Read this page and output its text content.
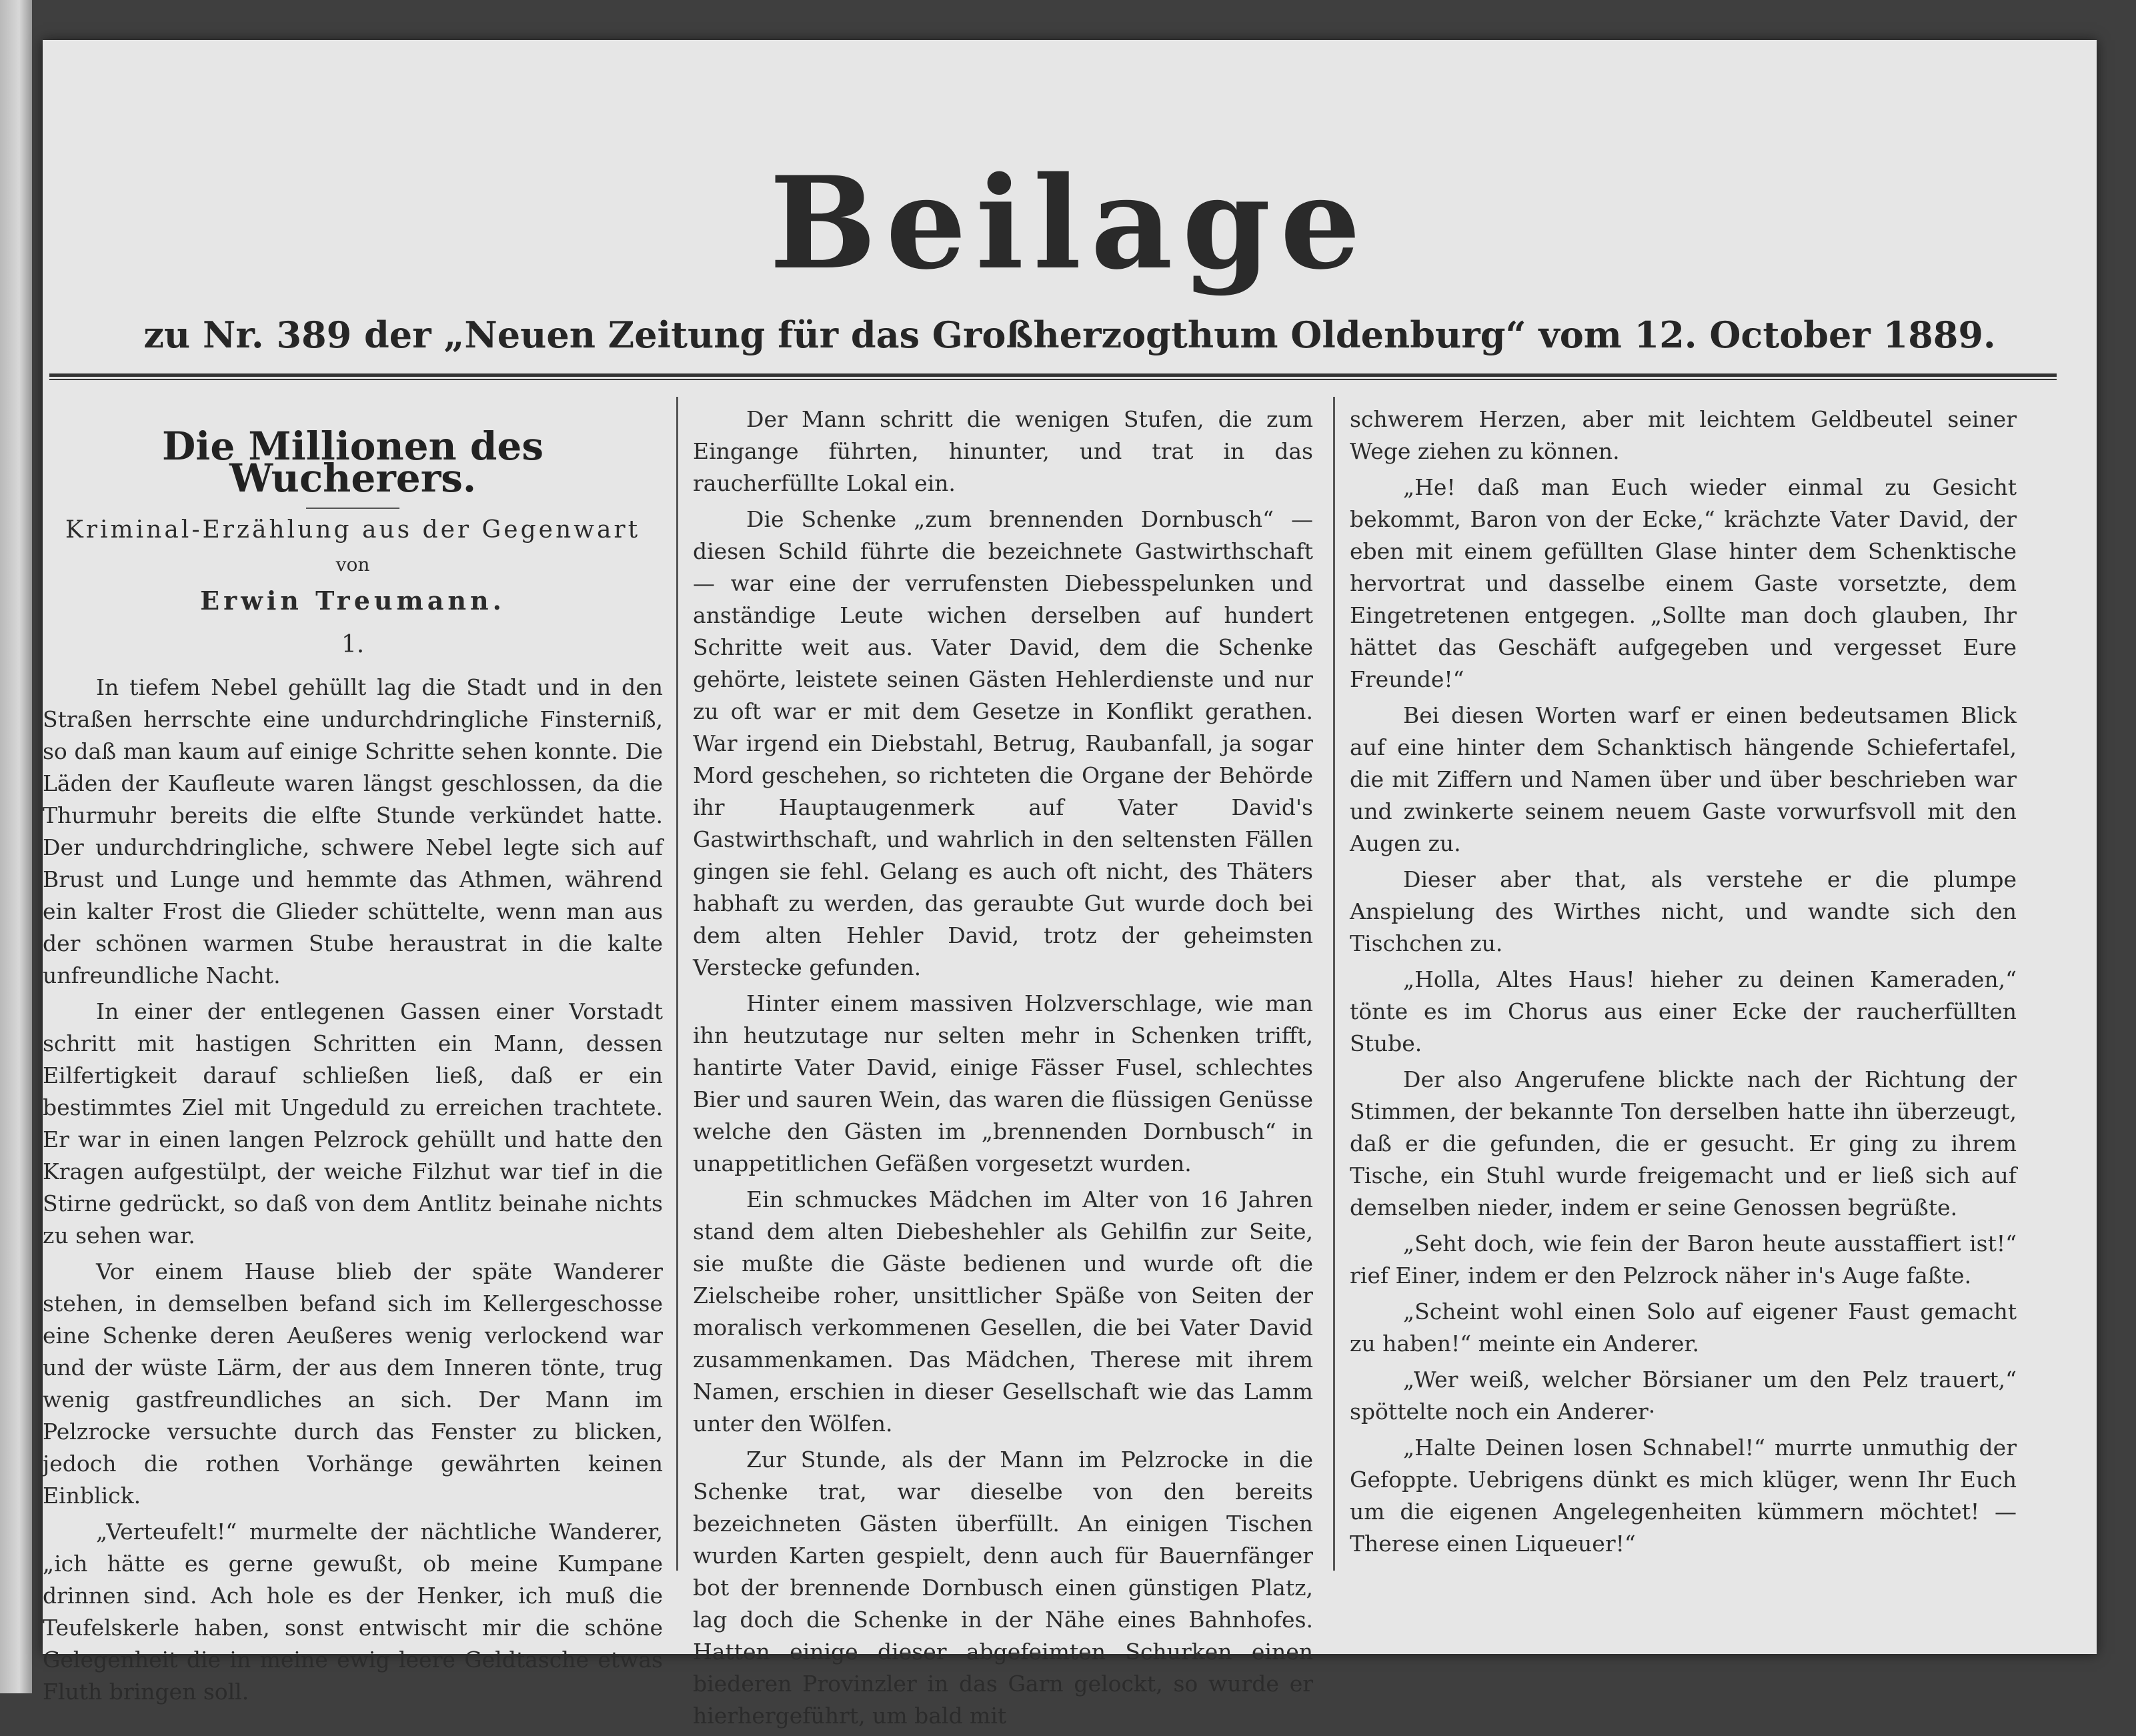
Beilage
zu Nr. 389 der „Neuen Zeitung für das Großherzogthum Oldenburg“ vom 12. October 1889.
Die Millionen des Wucherers.
Kriminal-Erzählung aus der Gegenwart
von
Erwin Treumann.
1.

In tiefem Nebel gehüllt lag die Stadt und in den Straßen herrschte eine undurchdringliche Finsterniß, so daß man kaum auf einige Schritte sehen konnte. Die Läden der Kaufleute waren längst geschlossen, da die Thurmuhr bereits die elfte Stunde verkündet hatte. Der undurchdringliche, schwere Nebel legte sich auf Brust und Lunge und hemmte das Athmen, während ein kalter Frost die Glieder schüttelte, wenn man aus der schönen warmen Stube heraustrat in die kalte unfreundliche Nacht.

In einer der entlegenen Gassen einer Vorstadt schritt mit hastigen Schritten ein Mann, dessen Eilfertigkeit darauf schließen ließ, daß er ein bestimmtes Ziel mit Ungeduld zu erreichen trachtete. Er war in einen langen Pelzrock gehüllt und hatte den Kragen aufgestülpt, der weiche Filzhut war tief in die Stirne gedrückt, so daß von dem Antlitz beinahe nichts zu sehen war.

Vor einem Hause blieb der späte Wanderer stehen, in demselben befand sich im Kellergeschosse eine Schenke deren Aeußeres wenig verlockend war und der wüste Lärm, der aus dem Inneren tönte, trug wenig gastfreundliches an sich. Der Mann im Pelzrocke versuchte durch das Fenster zu blicken, jedoch die rothen Vorhänge gewährten keinen Einblick.

„Verteufelt!“ murmelte der nächtliche Wanderer, „ich hätte es gerne gewußt, ob meine Kumpane drinnen sind. Ach hole es der Henker, ich muß die Teufelskerle haben, sonst entwischt mir die schöne Gelegenheit die in meine ewig leere Geldtasche etwas Fluth bringen soll.

Der Mann schritt die wenigen Stufen, die zum Eingange führten, hinunter, und trat in das raucherfüllte Lokal ein.

Die Schenke „zum brennenden Dornbusch“ — diesen Schild führte die bezeichnete Gastwirthschaft — war eine der verrufensten Diebesspelunken und anständige Leute wichen derselben auf hundert Schritte weit aus. Vater David, dem die Schenke gehörte, leistete seinen Gästen Hehlerdienste und nur zu oft war er mit dem Gesetze in Konflikt gerathen. War irgend ein Diebstahl, Betrug, Raubanfall, ja sogar Mord geschehen, so richteten die Organe der Behörde ihr Hauptaugenmerk auf Vater David's Gastwirthschaft, und wahrlich in den seltensten Fällen gingen sie fehl. Gelang es auch oft nicht, des Thäters habhaft zu werden, das geraubte Gut wurde doch bei dem alten Hehler David, trotz der geheimsten Verstecke gefunden.

Hinter einem massiven Holzverschlage, wie man ihn heutzutage nur selten mehr in Schenken trifft, hantirte Vater David, einige Fässer Fusel, schlechtes Bier und sauren Wein, das waren die flüssigen Genüsse welche den Gästen im „brennenden Dornbusch“ in unappetitlichen Gefäßen vorgesetzt wurden.

Ein schmuckes Mädchen im Alter von 16 Jahren stand dem alten Diebeshehler als Gehilfin zur Seite, sie mußte die Gäste bedienen und wurde oft die Zielscheibe roher, unsittlicher Späße von Seiten der moralisch verkommenen Gesellen, die bei Vater David zusammenkamen. Das Mädchen, Therese mit ihrem Namen, erschien in dieser Gesellschaft wie das Lamm unter den Wölfen.

Zur Stunde, als der Mann im Pelzrocke in die Schenke trat, war dieselbe von den bereits bezeichneten Gästen überfüllt. An einigen Tischen wurden Karten gespielt, denn auch für Bauernfänger bot der brennende Dornbusch einen günstigen Platz, lag doch die Schenke in der Nähe eines Bahnhofes. Hatten einige dieser abgefeimten Schurken einen biederen Provinzler in das Garn gelockt, so wurde er hierhergeführt, um bald mit

schwerem Herzen, aber mit leichtem Geldbeutel seiner Wege ziehen zu können.

„He! daß man Euch wieder einmal zu Gesicht bekommt, Baron von der Ecke,“ krächzte Vater David, der eben mit einem gefüllten Glase hinter dem Schenktische hervortrat und dasselbe einem Gaste vorsetzte, dem Eingetretenen entgegen. „Sollte man doch glauben, Ihr hättet das Geschäft aufgegeben und vergesset Eure Freunde!“

Bei diesen Worten warf er einen bedeutsamen Blick auf eine hinter dem Schanktisch hängende Schiefertafel, die mit Ziffern und Namen über und über beschrieben war und zwinkerte seinem neuem Gaste vorwurfsvoll mit den Augen zu.

Dieser aber that, als verstehe er die plumpe Anspielung des Wirthes nicht, und wandte sich den Tischchen zu.

„Holla, Altes Haus! hieher zu deinen Kameraden,“ tönte es im Chorus aus einer Ecke der raucherfüllten Stube.

Der also Angerufene blickte nach der Richtung der Stimmen, der bekannte Ton derselben hatte ihn überzeugt, daß er die gefunden, die er gesucht. Er ging zu ihrem Tische, ein Stuhl wurde freigemacht und er ließ sich auf demselben nieder, indem er seine Genossen begrüßte.

„Seht doch, wie fein der Baron heute ausstaffiert ist!“ rief Einer, indem er den Pelzrock näher in's Auge faßte.

„Scheint wohl einen Solo auf eigener Faust gemacht zu haben!“ meinte ein Anderer.

„Wer weiß, welcher Börsianer um den Pelz trauert,“ spöttelte noch ein Anderer·

„Halte Deinen losen Schnabel!“ murrte unmuthig der Gefoppte. Uebrigens dünkt es mich klüger, wenn Ihr Euch um die eigenen Angelegenheiten kümmern möchtet! — Therese einen Liqueuer!“
